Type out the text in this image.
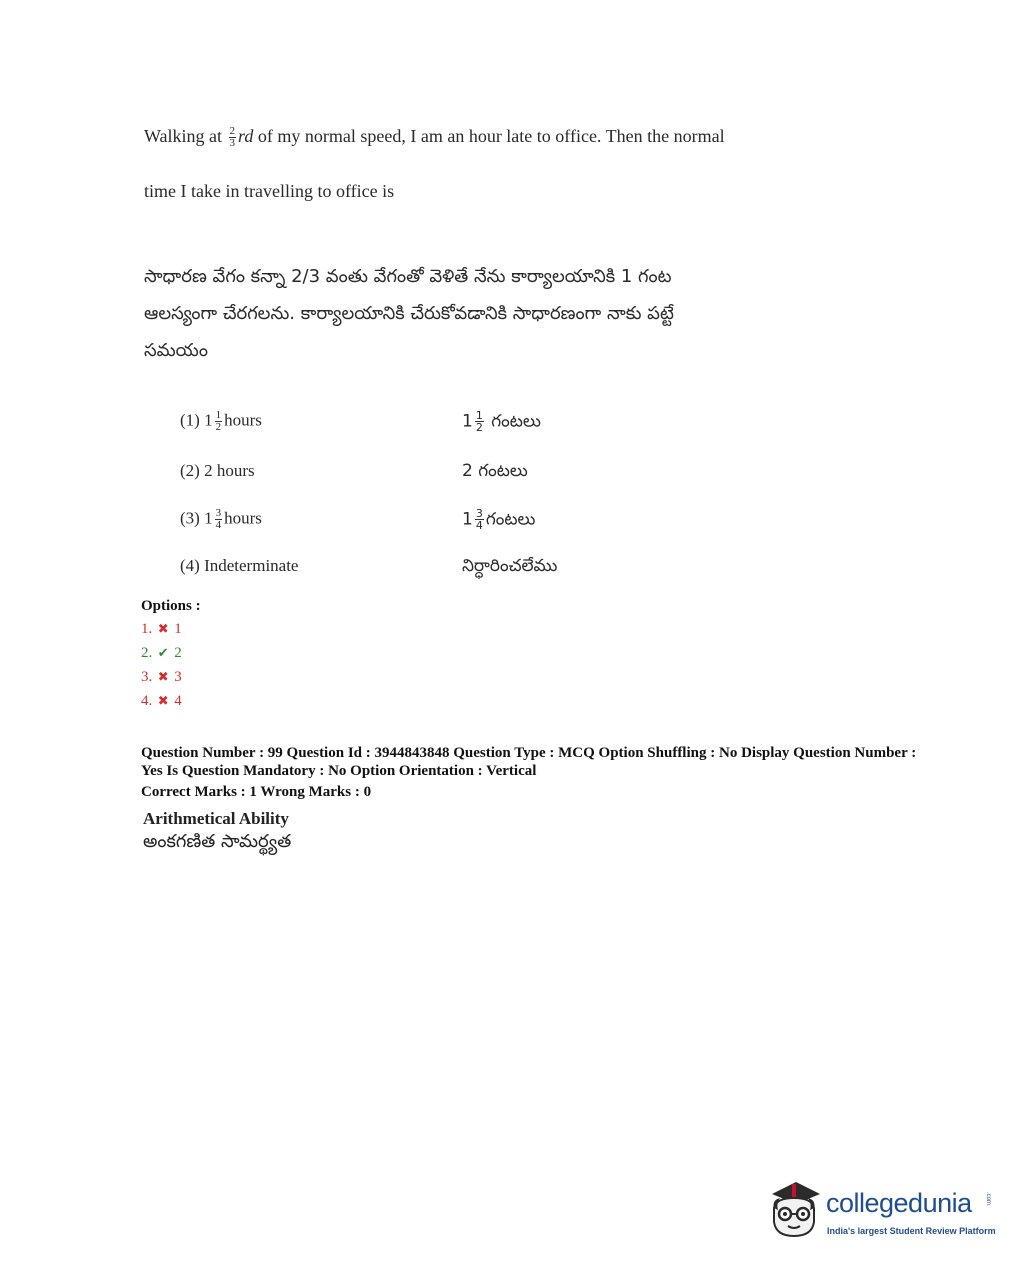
Walking at $\frac{2}{3}$ rd of my normal speed, I am an hour late to office. Then the normal
time I take in travelling to office is
సాధారణ వేగం కన్నా 2/3 వంతు వేగంతో వెళితే నేను కార్యాలయానికి 1 గంట
ఆలస్యంగా చేరగలను. కార్యాలయానికి చేరుకోవడానికి సాధారణంగా నాకు పట్టే
సమయం
(1) $1 \frac{1}{2}$ hours	$1 \frac{1}{2}$ గంటలు
(2) 2 hours	2 గంటలు
(3) $1 \frac{3}{4}$ hours	$1 \frac{3}{4}$ గంటలు
(4) Indeterminate	నిర్ధారించలేము
Options :
1. ✖ 1
2. ✔ 2
3. ✖ 3
4. ✖ 4
Question Number : 99 Question Id : 3944843848 Question Type : MCQ Option Shuffling : No Display Question Number : Yes Is Question Mandatory : No Option Orientation : Vertical
Correct Marks : 1 Wrong Marks : 0
Arithmetical Ability
అంకగణిత సామర్థ్యత
collegedunia .com
India's largest Student Review Platform
